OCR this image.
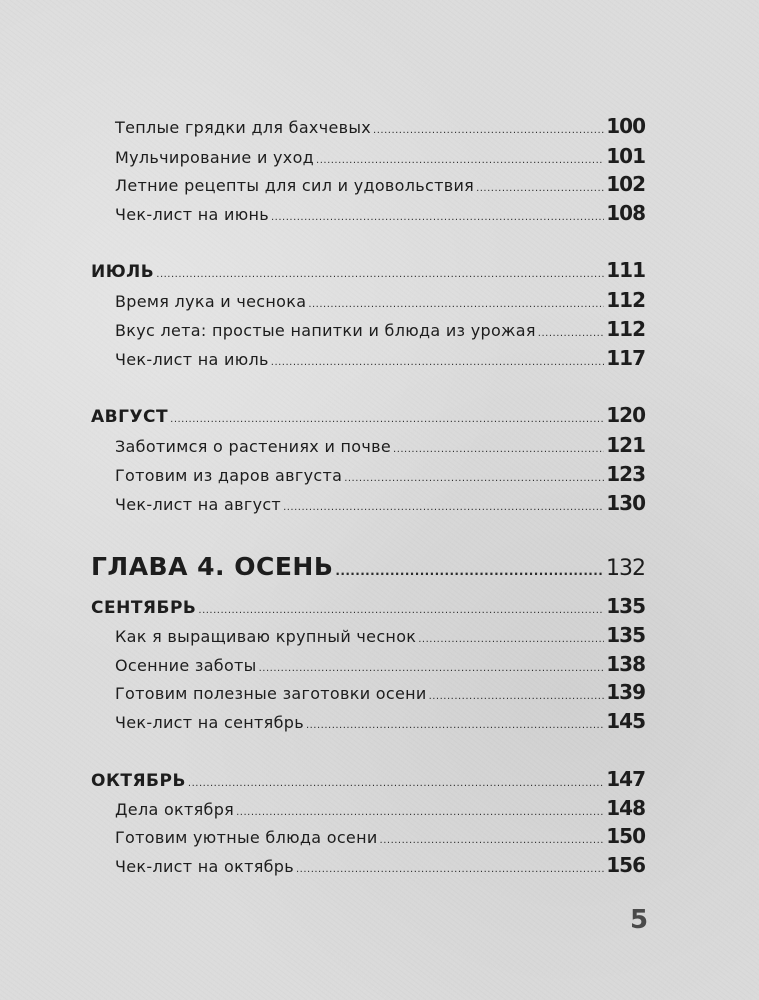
Теплые грядки для бахчевых .....	100
Мульчирование и уход .....	101
Летние рецепты для сил и удовольствия .....	102
Чек-лист на июнь .....	108
ИЮЛЬ .....	111
Время лука и чеснока .....	112
Вкус лета: простые напитки и блюда из урожая .....	112
Чек-лист на июль .....	117
АВГУСТ .....	120
Заботимся о растениях и почве .....	121
Готовим из даров августа .....	123
Чек-лист на август .....	130
ГЛАВА 4. ОСЕНЬ .....	132
СЕНТЯБРЬ .....	135
Как я выращиваю крупный чеснок .....	135
Осенние заботы .....	138
Готовим полезные заготовки осени .....	139
Чек-лист на сентябрь .....	145
ОКТЯБРЬ .....	147
Дела октября .....	148
Готовим уютные блюда осени .....	150
Чек-лист на октябрь .....	156
5
